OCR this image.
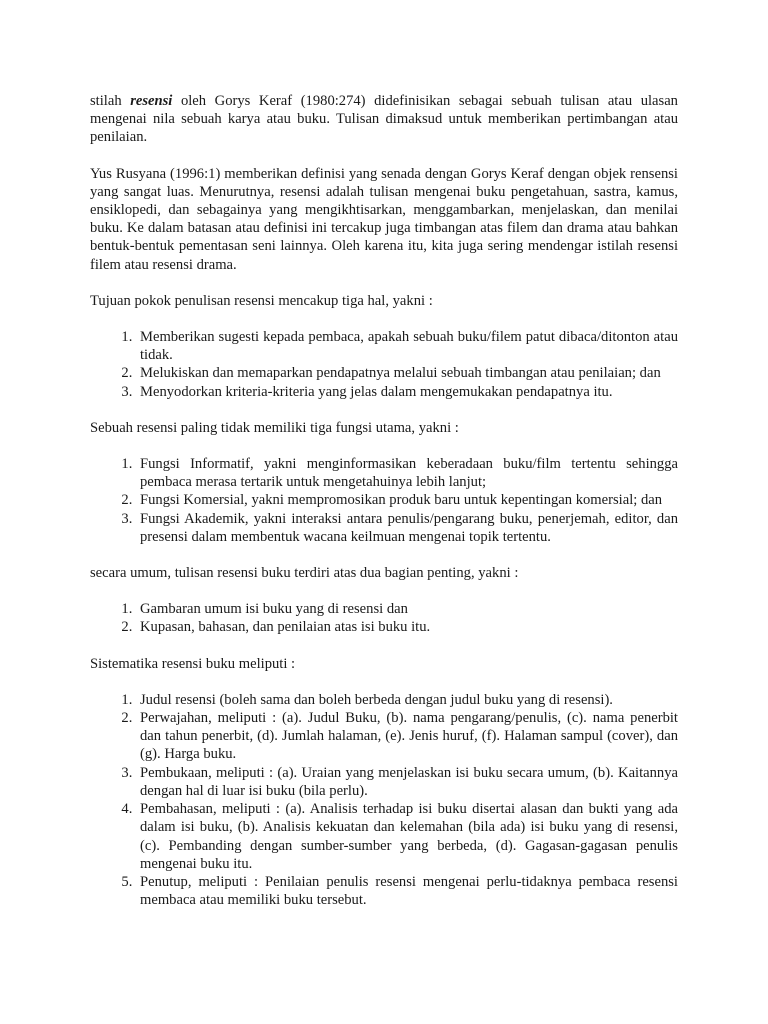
stilah resensi oleh Gorys Keraf (1980:274) didefinisikan sebagai sebuah tulisan atau ulasan mengenai nila sebuah karya atau buku. Tulisan dimaksud untuk memberikan pertimbangan atau penilaian.

Yus Rusyana (1996:1) memberikan definisi yang senada dengan Gorys Keraf dengan objek rensensi yang sangat luas. Menurutnya, resensi adalah tulisan mengenai buku pengetahuan, sastra, kamus, ensiklopedi, dan sebagainya yang mengikhtisarkan, menggambarkan, menjelaskan, dan menilai buku. Ke dalam batasan atau definisi ini tercakup juga timbangan atas filem dan drama atau bahkan bentuk-bentuk pementasan seni lainnya. Oleh karena itu, kita juga sering mendengar istilah resensi filem atau resensi drama.

Tujuan pokok penulisan resensi mencakup tiga hal, yakni :

1. Memberikan sugesti kepada pembaca, apakah sebuah buku/filem patut dibaca/ditonton atau tidak.
2. Melukiskan dan memaparkan pendapatnya melalui sebuah timbangan atau penilaian; dan
3. Menyodorkan kriteria-kriteria yang jelas dalam mengemukakan pendapatnya itu.

Sebuah resensi paling tidak memiliki tiga fungsi utama, yakni :

1. Fungsi Informatif, yakni menginformasikan keberadaan buku/film tertentu sehingga pembaca merasa tertarik untuk mengetahuinya lebih lanjut;
2. Fungsi Komersial, yakni mempromosikan produk baru untuk kepentingan komersial; dan
3. Fungsi Akademik, yakni interaksi antara penulis/pengarang buku, penerjemah, editor, dan presensi dalam membentuk wacana keilmuan mengenai topik tertentu.

secara umum, tulisan resensi buku terdiri atas dua bagian penting, yakni :

1. Gambaran umum isi buku yang di resensi dan
2. Kupasan, bahasan, dan penilaian atas isi buku itu.

Sistematika resensi buku meliputi :

1. Judul resensi (boleh sama dan boleh berbeda dengan judul buku yang di resensi).
2. Perwajahan, meliputi : (a). Judul Buku, (b). nama pengarang/penulis, (c). nama penerbit dan tahun penerbit, (d). Jumlah halaman, (e). Jenis huruf, (f). Halaman sampul (cover), dan (g). Harga buku.
3. Pembukaan, meliputi : (a). Uraian yang menjelaskan isi buku secara umum, (b). Kaitannya dengan hal di luar isi buku (bila perlu).
4. Pembahasan, meliputi : (a). Analisis terhadap isi buku disertai alasan dan bukti yang ada dalam isi buku, (b). Analisis kekuatan dan kelemahan (bila ada) isi buku yang di resensi, (c). Pembanding dengan sumber-sumber yang berbeda, (d). Gagasan-gagasan penulis mengenai buku itu.
5. Penutup, meliputi : Penilaian penulis resensi mengenai perlu-tidaknya pembaca resensi membaca atau memiliki buku tersebut.
